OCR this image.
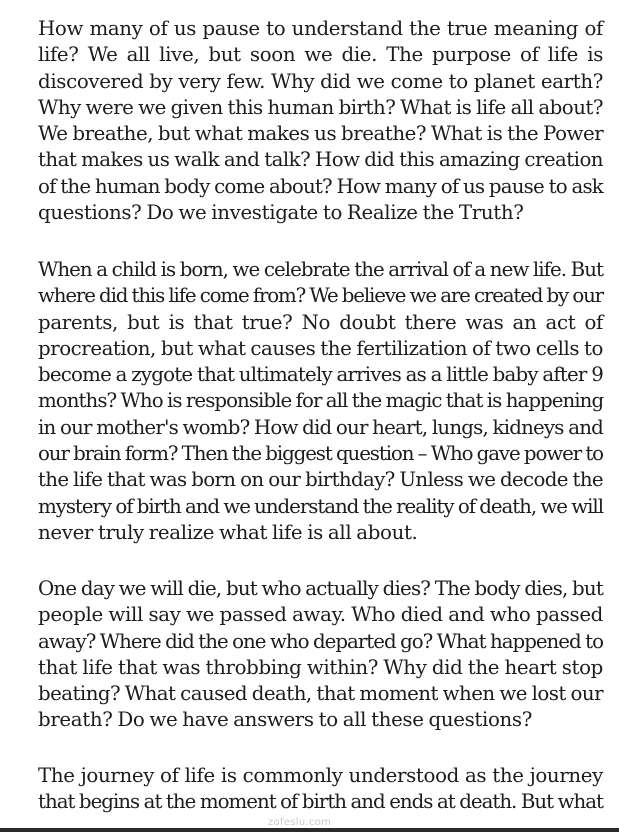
How many of us pause to understand the true meaning of
life? We all live, but soon we die. The purpose of life is
discovered by very few. Why did we come to planet earth?
Why were we given this human birth? What is life all about?
We breathe, but what makes us breathe? What is the Power
that makes us walk and talk? How did this amazing creation
of the human body come about? How many of us pause to ask
questions? Do we investigate to Realize the Truth?
When a child is born, we celebrate the arrival of a new life. But
where did this life come from? We believe we are created by our
parents, but is that true? No doubt there was an act of
procreation, but what causes the fertilization of two cells to
become a zygote that ultimately arrives as a little baby after 9
months? Who is responsible for all the magic that is happening
in our mother's womb? How did our heart, lungs, kidneys and
our brain form? Then the biggest question – Who gave power to
the life that was born on our birthday? Unless we decode the
mystery of birth and we understand the reality of death, we will
never truly realize what life is all about.
One day we will die, but who actually dies? The body dies, but
people will say we passed away. Who died and who passed
away? Where did the one who departed go? What happened to
that life that was throbbing within? Why did the heart stop
beating? What caused death, that moment when we lost our
breath? Do we have answers to all these questions?
The journey of life is commonly understood as the journey
that begins at the moment of birth and ends at death. But what
zofeslu.com
